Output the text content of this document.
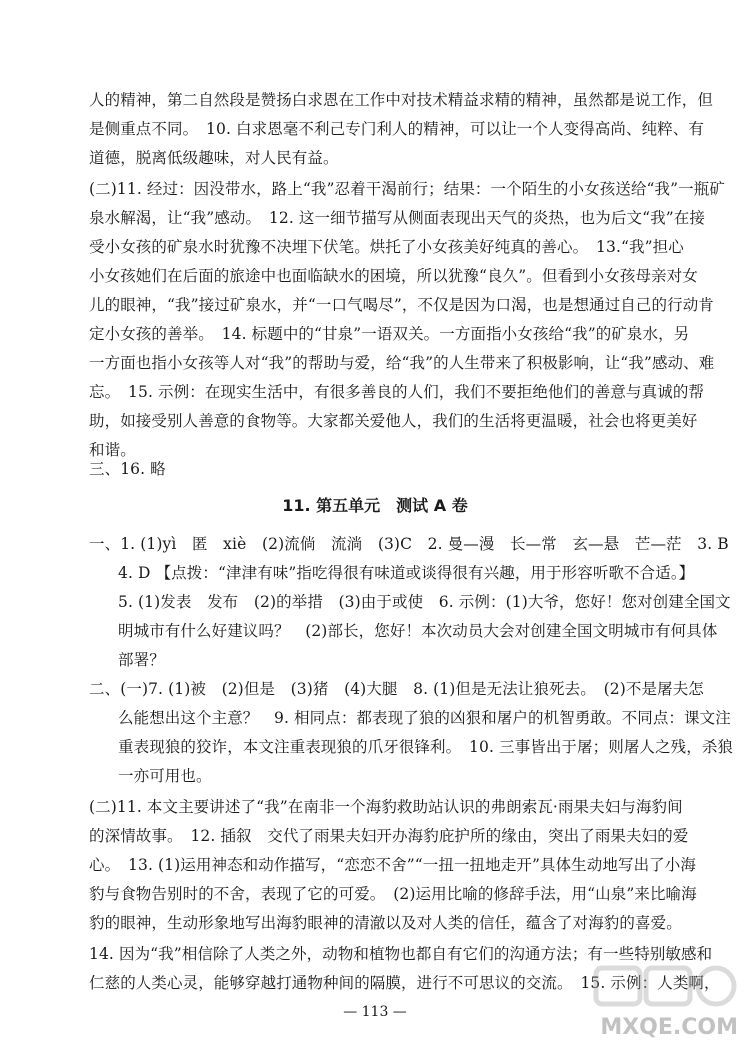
人的精神，第二自然段是赞扬白求恩在工作中对技术精益求精的精神，虽然都是说工作，但
是侧重点不同。　10. 白求恩毫不利己专门利人的精神，可以让一个人变得高尚、纯粹、有
道德，脱离低级趣味，对人民有益。
(二)11. 经过：因没带水，路上“我”忍着干渴前行；结果：一个陌生的小女孩送给“我”一瓶矿
泉水解渴，让“我”感动。　12. 这一细节描写从侧面表现出天气的炎热，也为后文“我”在接
受小女孩的矿泉水时犹豫不决埋下伏笔。烘托了小女孩美好纯真的善心。　13.“我”担心
小女孩她们在后面的旅途中也面临缺水的困境，所以犹豫“良久”。但看到小女孩母亲对女
儿的眼神，“我”接过矿泉水，并“一口气喝尽”，不仅是因为口渴，也是想通过自己的行动肯
定小女孩的善举。　14. 标题中的“甘泉”一语双关。一方面指小女孩给“我”的矿泉水，另
一方面也指小女孩等人对“我”的帮助与爱，给“我”的人生带来了积极影响，让“我”感动、难
忘。　15. 示例：在现实生活中，有很多善良的人们，我们不要拒绝他们的善意与真诚的帮
助，如接受别人善意的食物等。大家都关爱他人，我们的生活将更温暖，社会也将更美好
和谐。
三、16. 略
11. 第五单元　测试 A 卷
一、1. (1)yì　匿　xiè　(2)流倘　流淌　(3)C　2. 曼—漫　长—常　玄—悬　芒—茫　3. B
4. D 【点拨：“津津有味”指吃得很有味道或谈得很有兴趣，用于形容听歌不合适。】
5. (1)发表　发布　(2)的举措　(3)由于或使　6. 示例：(1)大爷，您好！您对创建全国文
明城市有什么好建议吗？　(2)部长，您好！本次动员大会对创建全国文明城市有何具体
部署？
二、(一)7. (1)被　(2)但是　(3)猪　(4)大腿　8. (1)但是无法让狼死去。　(2)不是屠夫怎
么能想出这个主意？　9. 相同点：都表现了狼的凶狠和屠户的机智勇敢。不同点：课文注
重表现狼的狡诈，本文注重表现狼的爪牙很锋利。　10. 三事皆出于屠；则屠人之残，杀狼
一亦可用也。
(二)11. 本文主要讲述了“我”在南非一个海豹救助站认识的弗朗索瓦·雨果夫妇与海豹间
的深情故事。　12. 插叙　交代了雨果夫妇开办海豹庇护所的缘由，突出了雨果夫妇的爱
心。　13. (1)运用神态和动作描写，“恋恋不舍”“一扭一扭地走开”具体生动地写出了小海
豹与食物告别时的不舍，表现了它的可爱。　(2)运用比喻的修辞手法，用“山泉”来比喻海
豹的眼神，生动形象地写出海豹眼神的清澈以及对人类的信任，蕴含了对海豹的喜爱。
14. 因为“我”相信除了人类之外，动物和植物也都自有它们的沟通方法；有一些特别敏感和
仁慈的人类心灵，能够穿越打通物种间的隔膜，进行不可思议的交流。　15. 示例：人类啊，
— 113 —
MXQE.COM
